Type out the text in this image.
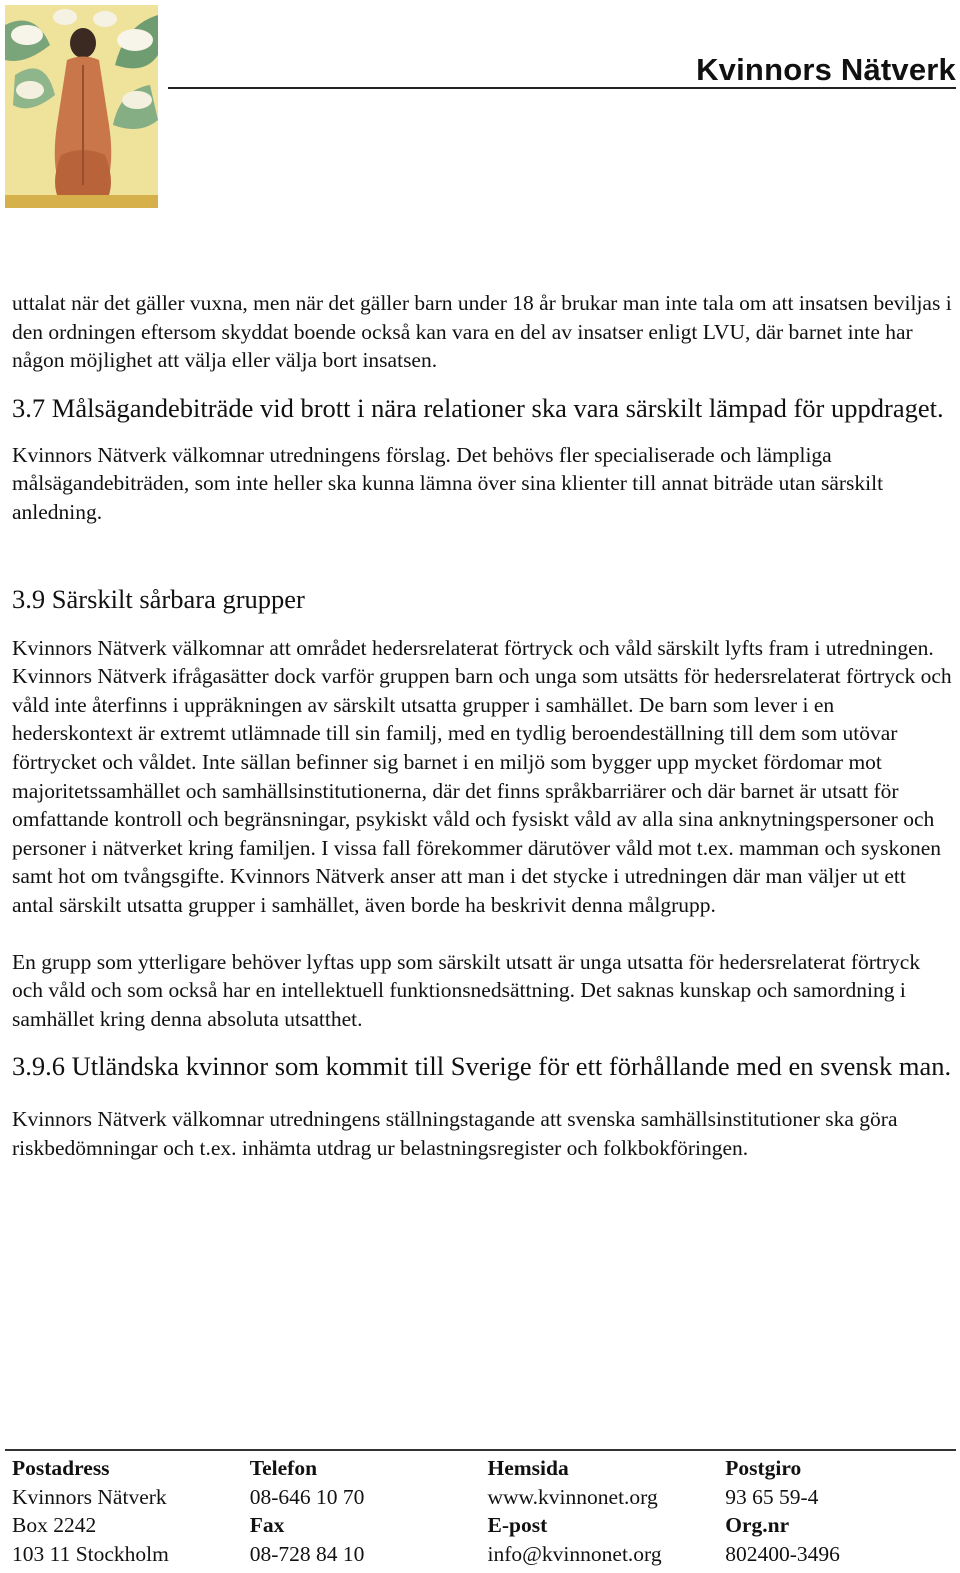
Kvinnors Nätverk

uttalat när det gäller vuxna, men när det gäller barn under 18 år brukar man inte tala om att insatsen beviljas i den ordningen eftersom skyddat boende också kan vara en del av insatser enligt LVU, där barnet inte har någon möjlighet att välja eller välja bort insatsen.

3.7 Målsägandebiträde vid brott i nära relationer ska vara särskilt lämpad för uppdraget.

Kvinnors Nätverk välkomnar utredningens förslag. Det behövs fler specialiserade och lämpliga målsägandebiträden, som inte heller ska kunna lämna över sina klienter till annat biträde utan särskilt anledning.

3.9 Särskilt sårbara grupper

Kvinnors Nätverk välkomnar att området hedersrelaterat förtryck och våld särskilt lyfts fram i utredningen. Kvinnors Nätverk ifrågasätter dock varför gruppen barn och unga som utsätts för hedersrelaterat förtryck och våld inte återfinns i uppräkningen av särskilt utsatta grupper i samhället. De barn som lever i en hederskontext är extremt utlämnade till sin familj, med en tydlig beroendeställning till dem som utövar förtrycket och våldet. Inte sällan befinner sig barnet i en miljö som bygger upp mycket fördomar mot majoritetssamhället och samhällsinstitutionerna, där det finns språkbarriärer och där barnet är utsatt för omfattande kontroll och begränsningar, psykiskt våld och fysiskt våld av alla sina anknytningspersoner och personer i nätverket kring familjen. I vissa fall förekommer därutöver våld mot t.ex. mamman och syskonen samt hot om tvångsgifte. Kvinnors Nätverk anser att man i det stycke i utredningen där man väljer ut ett antal särskilt utsatta grupper i samhället, även borde ha beskrivit denna målgrupp.

En grupp som ytterligare behöver lyftas upp som särskilt utsatt är unga utsatta för hedersrelaterat förtryck och våld och som också har en intellektuell funktionsnedsättning. Det saknas kunskap och samordning i samhället kring denna absoluta utsatthet.

3.9.6 Utländska kvinnor som kommit till Sverige för ett förhållande med en svensk man.

Kvinnors Nätverk välkomnar utredningens ställningstagande att svenska samhällsinstitutioner ska göra riskbedömningar och t.ex. inhämta utdrag ur belastningsregister och folkbokföringen.

Postadress
Kvinnors Nätverk
Box 2242
103 11 Stockholm
Telefon
08-646 10 70
Fax
08-728 84 10
Hemsida
www.kvinnonet.org
E-post
info@kvinnonet.org
Postgiro
93 65 59-4
Org.nr
802400-3496
